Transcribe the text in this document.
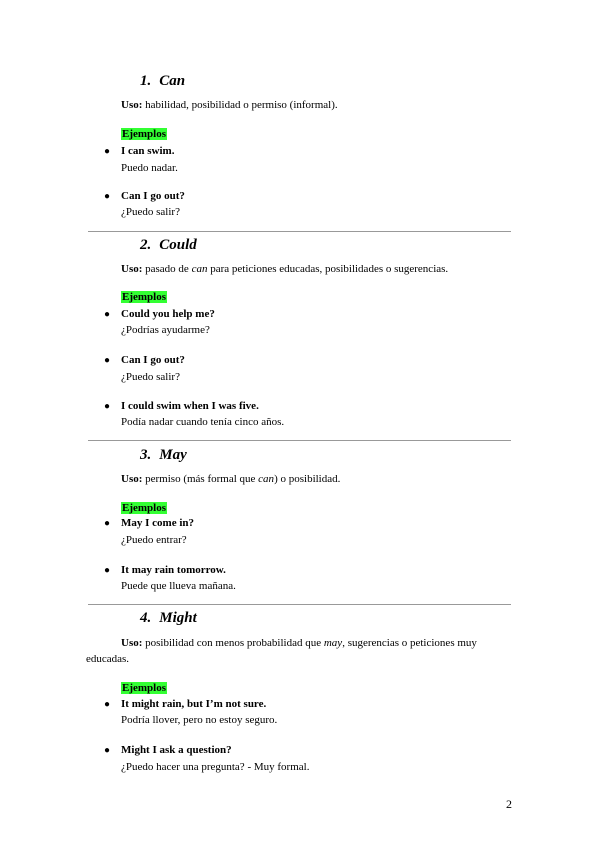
1. Can
Uso: habilidad, posibilidad o permiso (informal).
Ejemplos
● I can swim.
Puedo nadar.
● Can I go out?
¿Puedo salir?
2. Could
Uso: pasado de can para peticiones educadas, posibilidades o sugerencias.
Ejemplos
● Could you help me?
¿Podrías ayudarme?
● Can I go out?
¿Puedo salir?
● I could swim when I was five.
Podía nadar cuando tenía cinco años.
3. May
Uso: permiso (más formal que can) o posibilidad.
Ejemplos
● May I come in?
¿Puedo entrar?
● It may rain tomorrow.
Puede que llueva mañana.
4. Might
Uso: posibilidad con menos probabilidad que may, sugerencias o peticiones muy educadas.
Ejemplos
● It might rain, but I’m not sure.
Podría llover, pero no estoy seguro.
● Might I ask a question?
¿Puedo hacer una pregunta? - Muy formal.
2
